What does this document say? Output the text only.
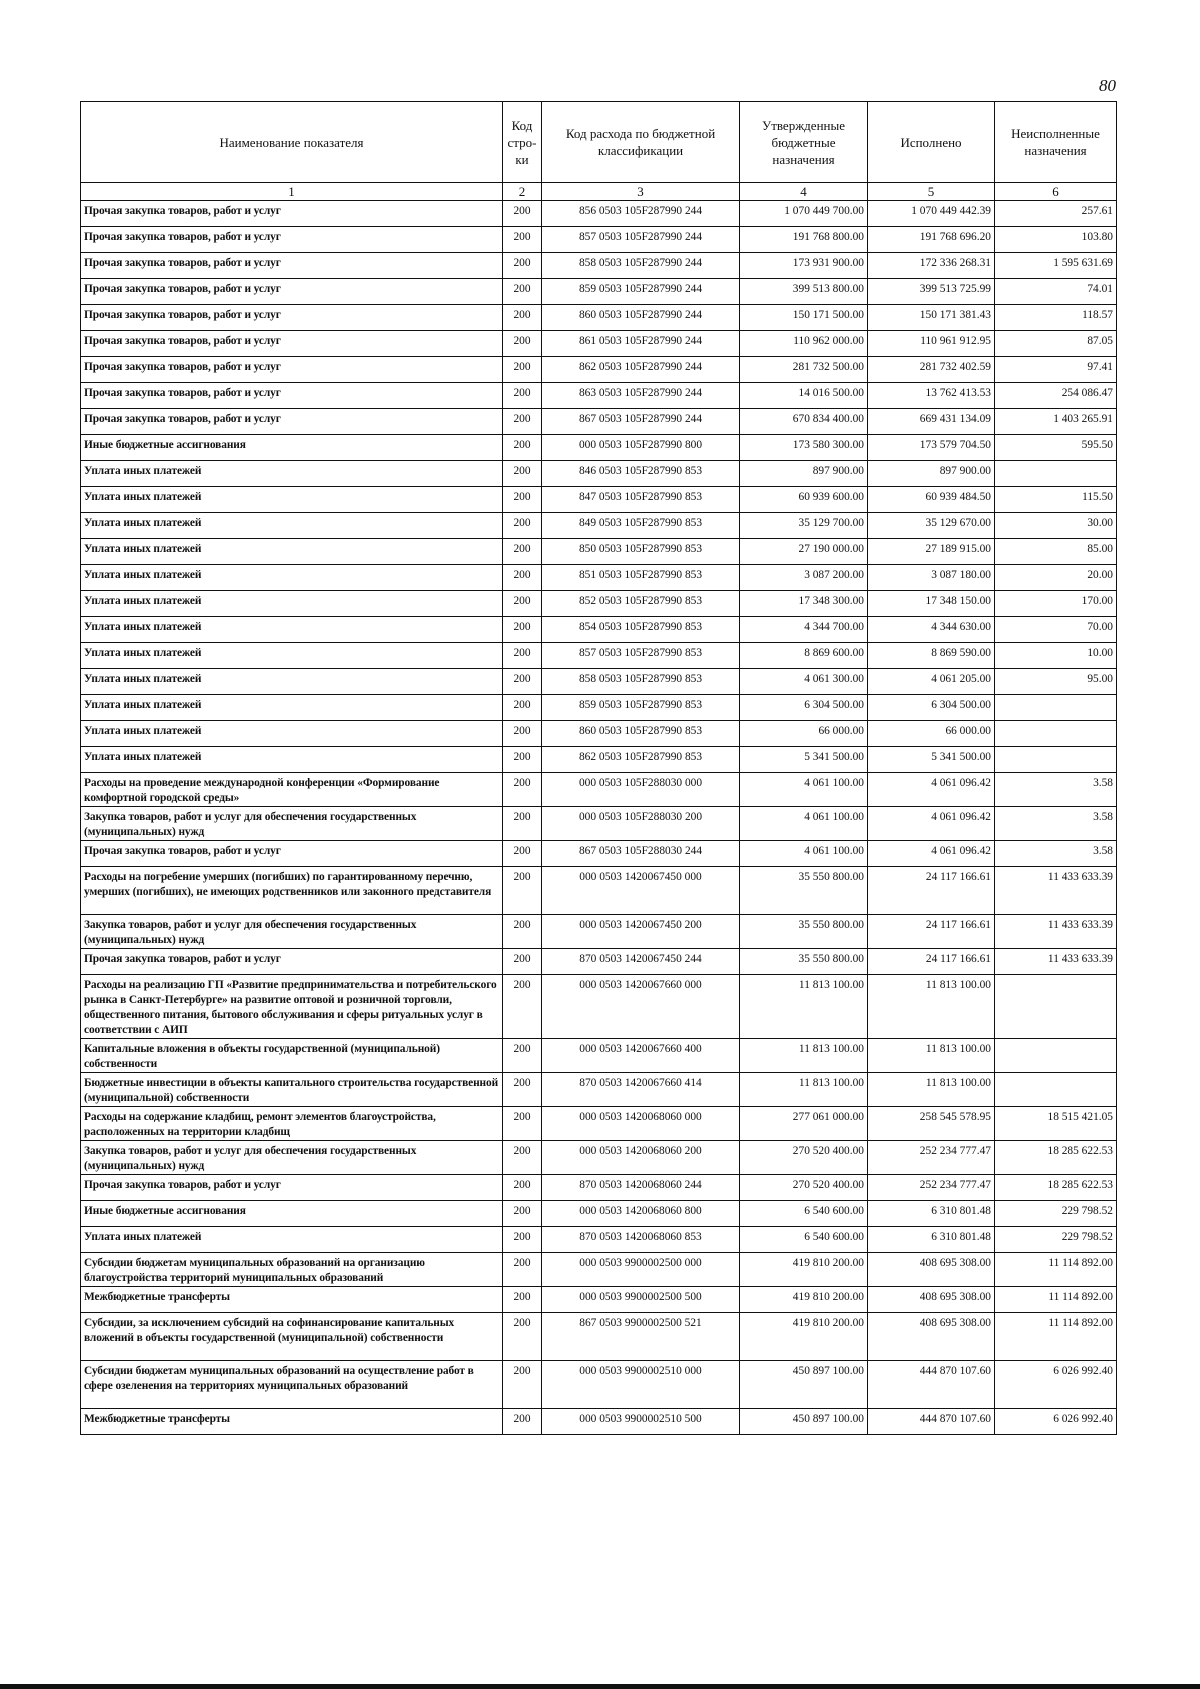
80
Наименование показателя	Код стро-ки	Код расхода по бюджетной классификации	Утвержденные бюджетные назначения	Исполнено	Неисполненные назначения
1	2	3	4	5	6
Прочая закупка товаров, работ и услуг	200	856 0503 105F287990 244	1 070 449 700.00	1 070 449 442.39	257.61
Прочая закупка товаров, работ и услуг	200	857 0503 105F287990 244	191 768 800.00	191 768 696.20	103.80
Прочая закупка товаров, работ и услуг	200	858 0503 105F287990 244	173 931 900.00	172 336 268.31	1 595 631.69
Прочая закупка товаров, работ и услуг	200	859 0503 105F287990 244	399 513 800.00	399 513 725.99	74.01
Прочая закупка товаров, работ и услуг	200	860 0503 105F287990 244	150 171 500.00	150 171 381.43	118.57
Прочая закупка товаров, работ и услуг	200	861 0503 105F287990 244	110 962 000.00	110 961 912.95	87.05
Прочая закупка товаров, работ и услуг	200	862 0503 105F287990 244	281 732 500.00	281 732 402.59	97.41
Прочая закупка товаров, работ и услуг	200	863 0503 105F287990 244	14 016 500.00	13 762 413.53	254 086.47
Прочая закупка товаров, работ и услуг	200	867 0503 105F287990 244	670 834 400.00	669 431 134.09	1 403 265.91
Иные бюджетные ассигнования	200	000 0503 105F287990 800	173 580 300.00	173 579 704.50	595.50
Уплата иных платежей	200	846 0503 105F287990 853	897 900.00	897 900.00	
Уплата иных платежей	200	847 0503 105F287990 853	60 939 600.00	60 939 484.50	115.50
Уплата иных платежей	200	849 0503 105F287990 853	35 129 700.00	35 129 670.00	30.00
Уплата иных платежей	200	850 0503 105F287990 853	27 190 000.00	27 189 915.00	85.00
Уплата иных платежей	200	851 0503 105F287990 853	3 087 200.00	3 087 180.00	20.00
Уплата иных платежей	200	852 0503 105F287990 853	17 348 300.00	17 348 150.00	170.00
Уплата иных платежей	200	854 0503 105F287990 853	4 344 700.00	4 344 630.00	70.00
Уплата иных платежей	200	857 0503 105F287990 853	8 869 600.00	8 869 590.00	10.00
Уплата иных платежей	200	858 0503 105F287990 853	4 061 300.00	4 061 205.00	95.00
Уплата иных платежей	200	859 0503 105F287990 853	6 304 500.00	6 304 500.00	
Уплата иных платежей	200	860 0503 105F287990 853	66 000.00	66 000.00	
Уплата иных платежей	200	862 0503 105F287990 853	5 341 500.00	5 341 500.00	
Расходы на проведение международной конференции «Формирование комфортной городской среды»	200	000 0503 105F288030 000	4 061 100.00	4 061 096.42	3.58
Закупка товаров, работ и услуг для обеспечения государственных (муниципальных) нужд	200	000 0503 105F288030 200	4 061 100.00	4 061 096.42	3.58
Прочая закупка товаров, работ и услуг	200	867 0503 105F288030 244	4 061 100.00	4 061 096.42	3.58
Расходы на погребение умерших (погибших) по гарантированному перечню, умерших (погибших), не имеющих родственников или законного представителя	200	000 0503 1420067450 000	35 550 800.00	24 117 166.61	11 433 633.39
Закупка товаров, работ и услуг для обеспечения государственных (муниципальных) нужд	200	000 0503 1420067450 200	35 550 800.00	24 117 166.61	11 433 633.39
Прочая закупка товаров, работ и услуг	200	870 0503 1420067450 244	35 550 800.00	24 117 166.61	11 433 633.39
Расходы на реализацию ГП «Развитие предпринимательства и потребительского рынка в Санкт-Петербурге» на развитие оптовой и розничной торговли, общественного питания, бытового обслуживания и сферы ритуальных услуг в соответствии с АИП	200	000 0503 1420067660 000	11 813 100.00	11 813 100.00	
Капитальные вложения в объекты государственной (муниципальной) собственности	200	000 0503 1420067660 400	11 813 100.00	11 813 100.00	
Бюджетные инвестиции в объекты капитального строительства государственной (муниципальной) собственности	200	870 0503 1420067660 414	11 813 100.00	11 813 100.00	
Расходы на содержание кладбищ, ремонт элементов благоустройства, расположенных на территории кладбищ	200	000 0503 1420068060 000	277 061 000.00	258 545 578.95	18 515 421.05
Закупка товаров, работ и услуг для обеспечения государственных (муниципальных) нужд	200	000 0503 1420068060 200	270 520 400.00	252 234 777.47	18 285 622.53
Прочая закупка товаров, работ и услуг	200	870 0503 1420068060 244	270 520 400.00	252 234 777.47	18 285 622.53
Иные бюджетные ассигнования	200	000 0503 1420068060 800	6 540 600.00	6 310 801.48	229 798.52
Уплата иных платежей	200	870 0503 1420068060 853	6 540 600.00	6 310 801.48	229 798.52
Субсидии бюджетам муниципальных образований на организацию благоустройства территорий муниципальных образований	200	000 0503 9900002500 000	419 810 200.00	408 695 308.00	11 114 892.00
Межбюджетные трансферты	200	000 0503 9900002500 500	419 810 200.00	408 695 308.00	11 114 892.00
Субсидии, за исключением субсидий на софинансирование капитальных вложений в объекты государственной (муниципальной) собственности	200	867 0503 9900002500 521	419 810 200.00	408 695 308.00	11 114 892.00
Субсидии бюджетам муниципальных образований на осуществление работ в сфере озеленения на территориях муниципальных образований	200	000 0503 9900002510 000	450 897 100.00	444 870 107.60	6 026 992.40
Межбюджетные трансферты	200	000 0503 9900002510 500	450 897 100.00	444 870 107.60	6 026 992.40
